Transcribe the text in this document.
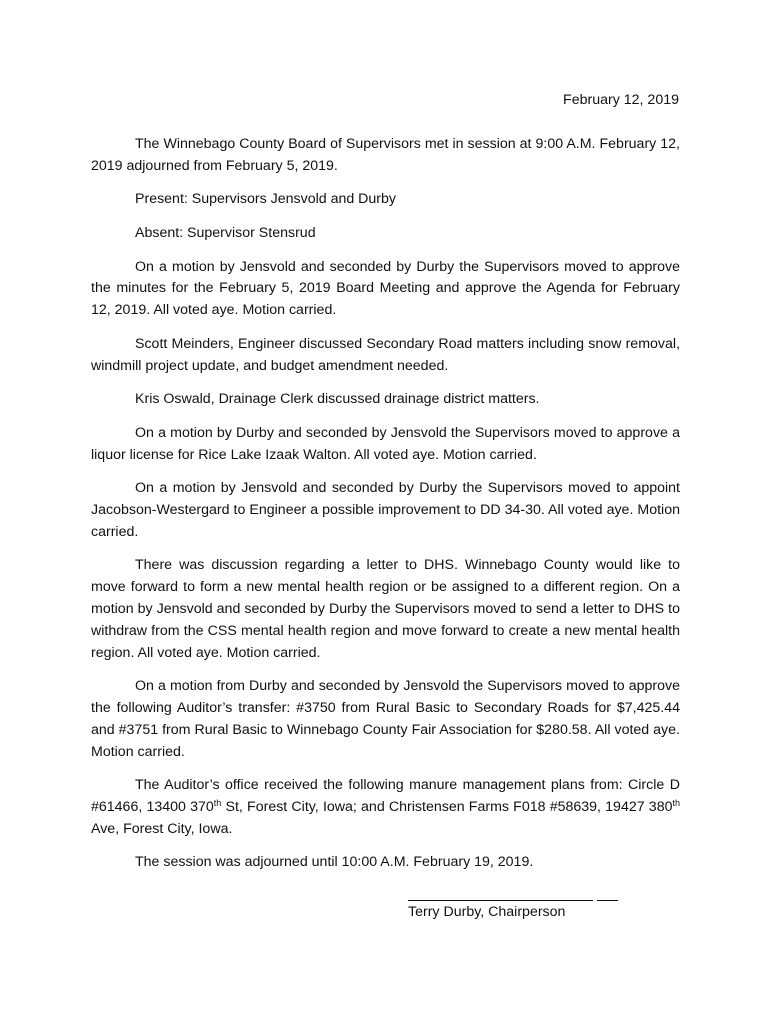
February 12, 2019

The Winnebago County Board of Supervisors met in session at 9:00 A.M. February 12, 2019 adjourned from February 5, 2019.

Present: Supervisors Jensvold and Durby

Absent: Supervisor Stensrud

On a motion by Jensvold and seconded by Durby the Supervisors moved to approve the minutes for the February 5, 2019 Board Meeting and approve the Agenda for February 12, 2019. All voted aye. Motion carried.

Scott Meinders, Engineer discussed Secondary Road matters including snow removal, windmill project update, and budget amendment needed.

Kris Oswald, Drainage Clerk discussed drainage district matters.

On a motion by Durby and seconded by Jensvold the Supervisors moved to approve a liquor license for Rice Lake Izaak Walton. All voted aye. Motion carried.

On a motion by Jensvold and seconded by Durby the Supervisors moved to appoint Jacobson-Westergard to Engineer a possible improvement to DD 34-30. All voted aye. Motion carried.

There was discussion regarding a letter to DHS. Winnebago County would like to move forward to form a new mental health region or be assigned to a different region. On a motion by Jensvold and seconded by Durby the Supervisors moved to send a letter to DHS to withdraw from the CSS mental health region and move forward to create a new mental health region. All voted aye. Motion carried.

On a motion from Durby and seconded by Jensvold the Supervisors moved to approve the following Auditor’s transfer: #3750 from Rural Basic to Secondary Roads for $7,425.44 and #3751 from Rural Basic to Winnebago County Fair Association for $280.58. All voted aye. Motion carried.

The Auditor’s office received the following manure management plans from: Circle D #61466, 13400 370th St, Forest City, Iowa; and Christensen Farms F018 #58639, 19427 380th Ave, Forest City, Iowa.

The session was adjourned until 10:00 A.M. February 19, 2019.

Terry Durby, Chairperson
